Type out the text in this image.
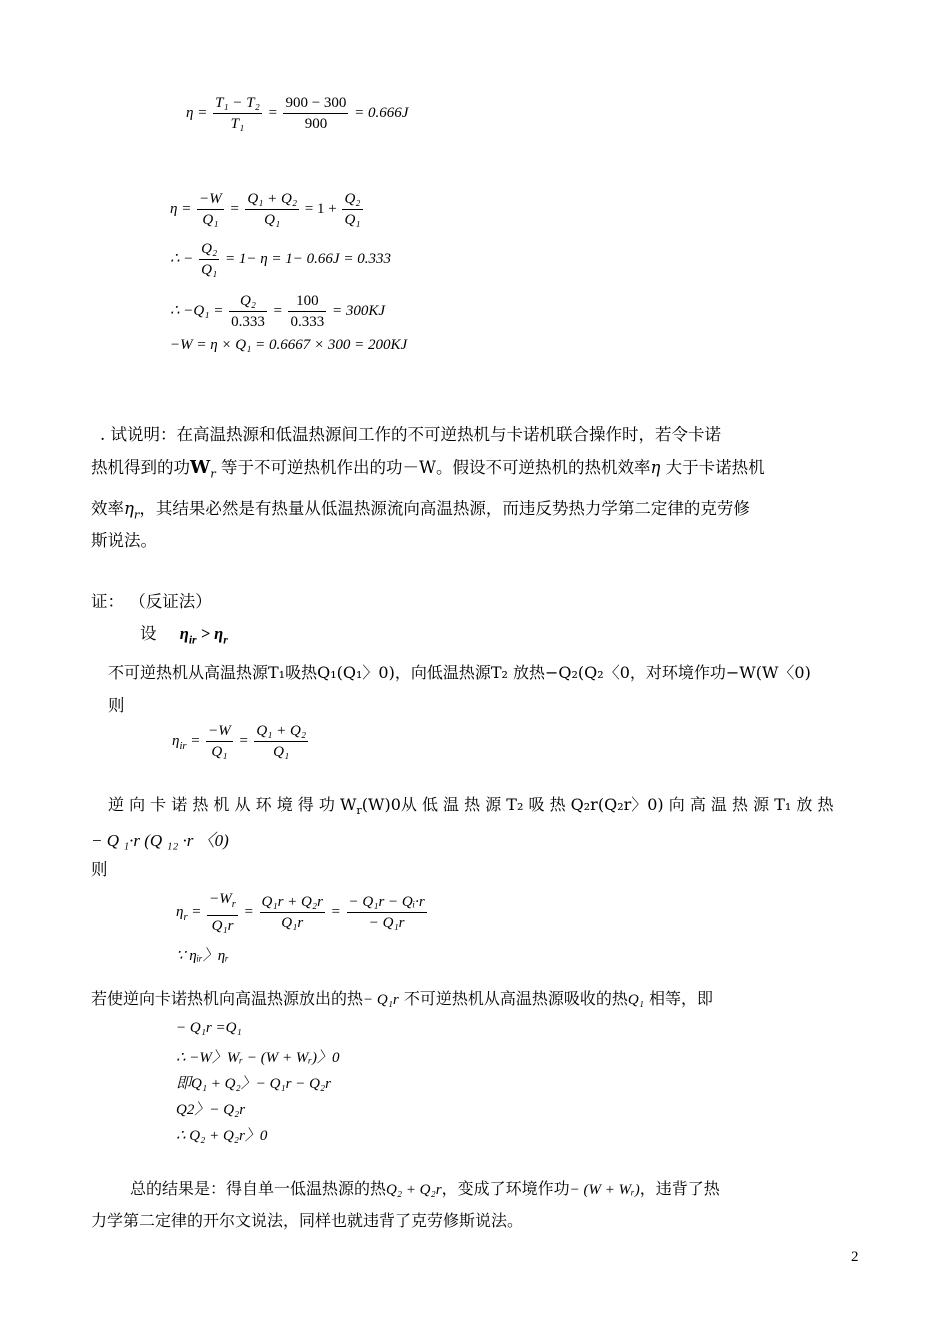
$\eta = \frac{\text{T₁ − T₂}}{\text{T₁}} = \frac{900 - 300}{900} = 0.666J$
$\eta = \frac{-W}{\text{Q₁}} = \frac{\text{Q₁ + Q₂}}{\text{Q₁}} = 1 + \frac{\text{Q₂}}{\text{Q₁}}$
∴ − $\frac{\text{Q₂}}{\text{Q₁}} = 1- \eta = 1- 0.66J = 0.333$
∴ $-Q_1 = \frac{\text{Q₂}}{0.333} = \frac{100}{0.333} = 300KJ$
−W = η × Q₁ = 0.6667 × 300 = 200KJ
. 试说明：在高温热源和低温热源间工作的不可逆热机与卡诺机联合操作时，若令卡诺
热机得到的功$W_r$ 等于不可逆热机作出的功－W。假设不可逆热机的热机效率η 大于卡诺热机
效率$\eta_r$，其结果必然是有热量从低温热源流向高温热源，而违反势热力学第二定律的克劳修
斯说法。
证： （反证法）
设 $\eta_{ir} > \eta_r$
不可逆热机从高温热源T₁吸热Q₁(Q₁〉0)，向低温热源T₂ 放热−Q₂(Q₂〈0，对环境作功−W(W〈0)
则
$\eta_{ir} = \frac{-W}{\text{Q₁}} = \frac{\text{Q₁ + Q₂}}{\text{Q₁}}$
逆 向 卡 诺 热 机 从 环 境 得 功 $W_r(W)0$从 低 温 热 源 T₂ 吸 热 Q₂r(Q₂r〉0) 向 高 温 热 源 T₁ 放 热
− Q ₁·r (Q ₁₂ ·r 〈0)
则
$\eta_r = \frac{-W_r}{\text{Q₁r}} = \frac{\text{Q₁r + Q₂r}}{\text{Q₁r}} = \frac{\text{− Q₁r − Qᵢ·r}}{\text{− Q₁r}}$
∵ ηᵢᵣ〉ηᵣ
若使逆向卡诺热机向高温热源放出的热− Q₁r 不可逆热机从高温热源吸收的热Q₁ 相等，即
− Q₁r =Q₁
∴ −W〉Wᵣ − (W + Wᵣ)〉0
即Q₁ + Q₂〉− Q₁r − Q₂r
Q2〉− Q₂r
∴ Q₂ + Q₂r〉0
总的结果是：得自单一低温热源的热Q₂ + Q₂r，变成了环境作功− (W + Wᵣ)，违背了热
力学第二定律的开尔文说法，同样也就违背了克劳修斯说法。
2
